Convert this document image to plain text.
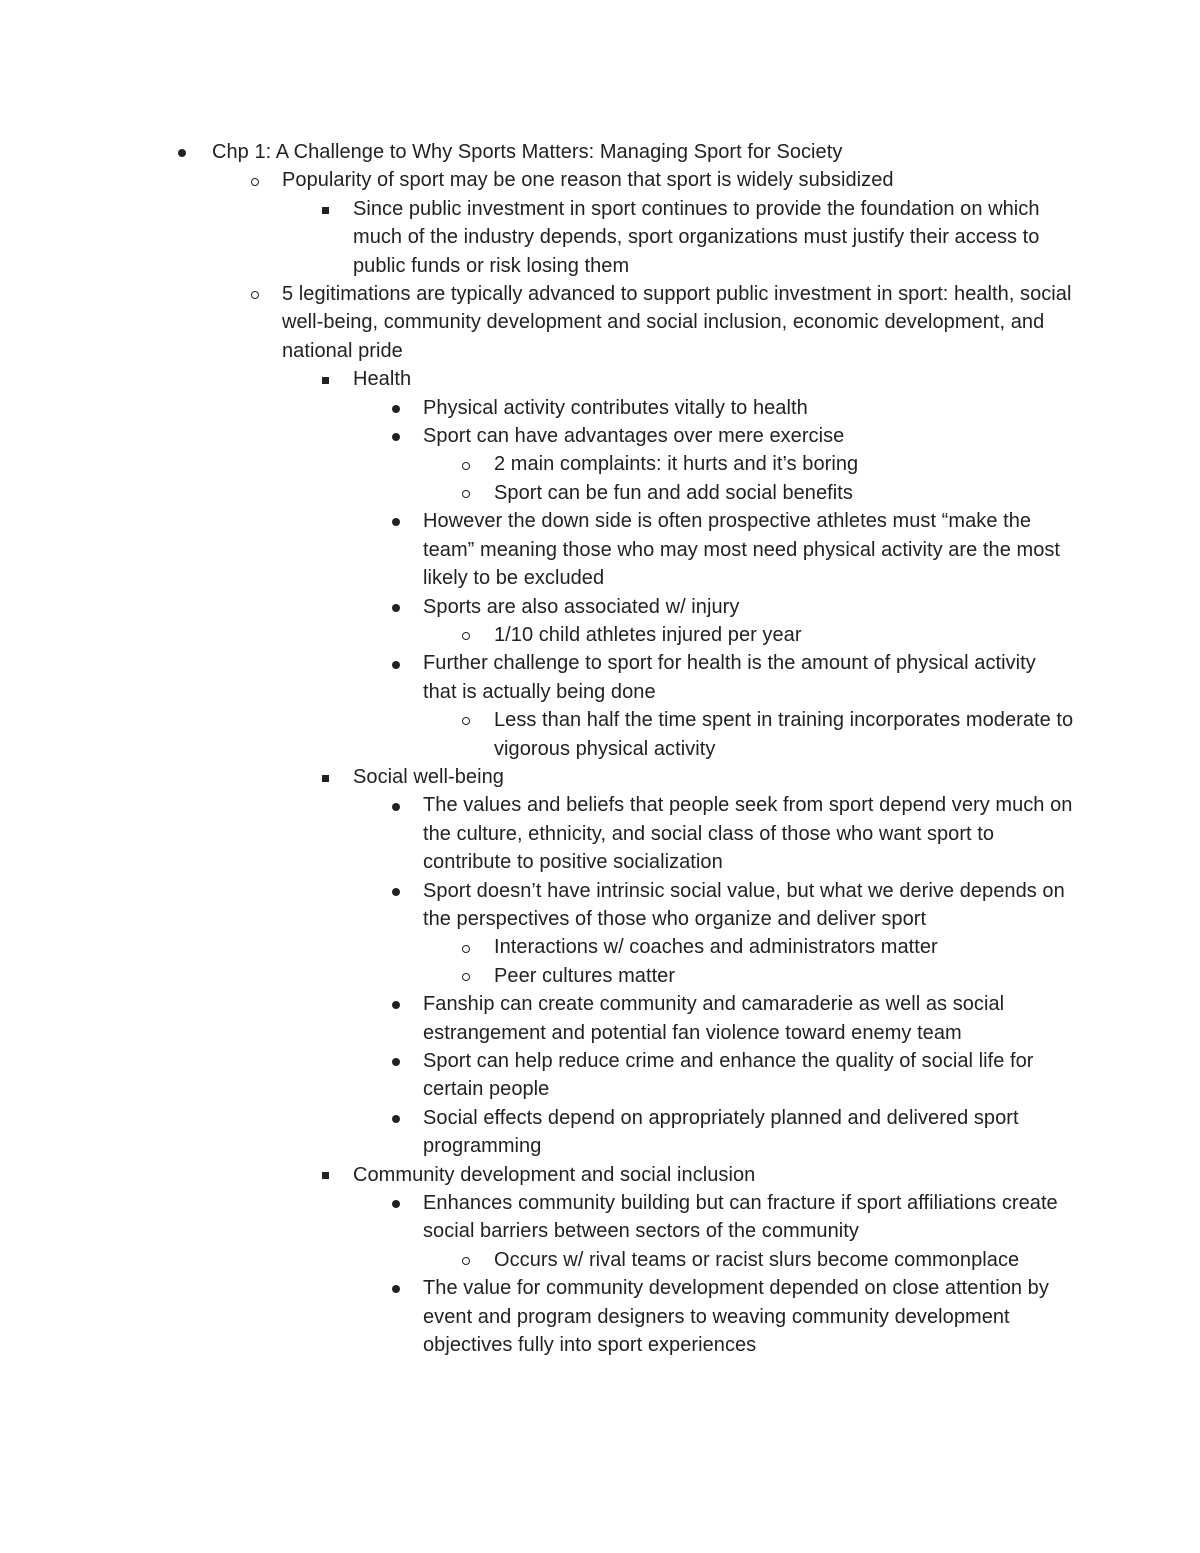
Chp 1: A Challenge to Why Sports Matters: Managing Sport for Society
Popularity of sport may be one reason that sport is widely subsidized
Since public investment in sport continues to provide the foundation on which much of the industry depends, sport organizations must justify their access to public funds or risk losing them
5 legitimations are typically advanced to support public investment in sport: health, social well-being, community development and social inclusion, economic development, and national pride
Health
Physical activity contributes vitally to health
Sport can have advantages over mere exercise
2 main complaints: it hurts and it’s boring
Sport can be fun and add social benefits
However the down side is often prospective athletes must “make the team” meaning those who may most need physical activity are the most likely to be excluded
Sports are also associated w/ injury
1/10 child athletes injured per year
Further challenge to sport for health is the amount of physical activity that is actually being done
Less than half the time spent in training incorporates moderate to vigorous physical activity
Social well-being
The values and beliefs that people seek from sport depend very much on the culture, ethnicity, and social class of those who want sport to contribute to positive socialization
Sport doesn’t have intrinsic social value, but what we derive depends on the perspectives of those who organize and deliver sport
Interactions w/ coaches and administrators matter
Peer cultures matter
Fanship can create community and camaraderie as well as social estrangement and potential fan violence toward enemy team
Sport can help reduce crime and enhance the quality of social life for certain people
Social effects depend on appropriately planned and delivered sport programming
Community development and social inclusion
Enhances community building but can fracture if sport affiliations create social barriers between sectors of the community
Occurs w/ rival teams or racist slurs become commonplace
The value for community development depended on close attention by event and program designers to weaving community development objectives fully into sport experiences
